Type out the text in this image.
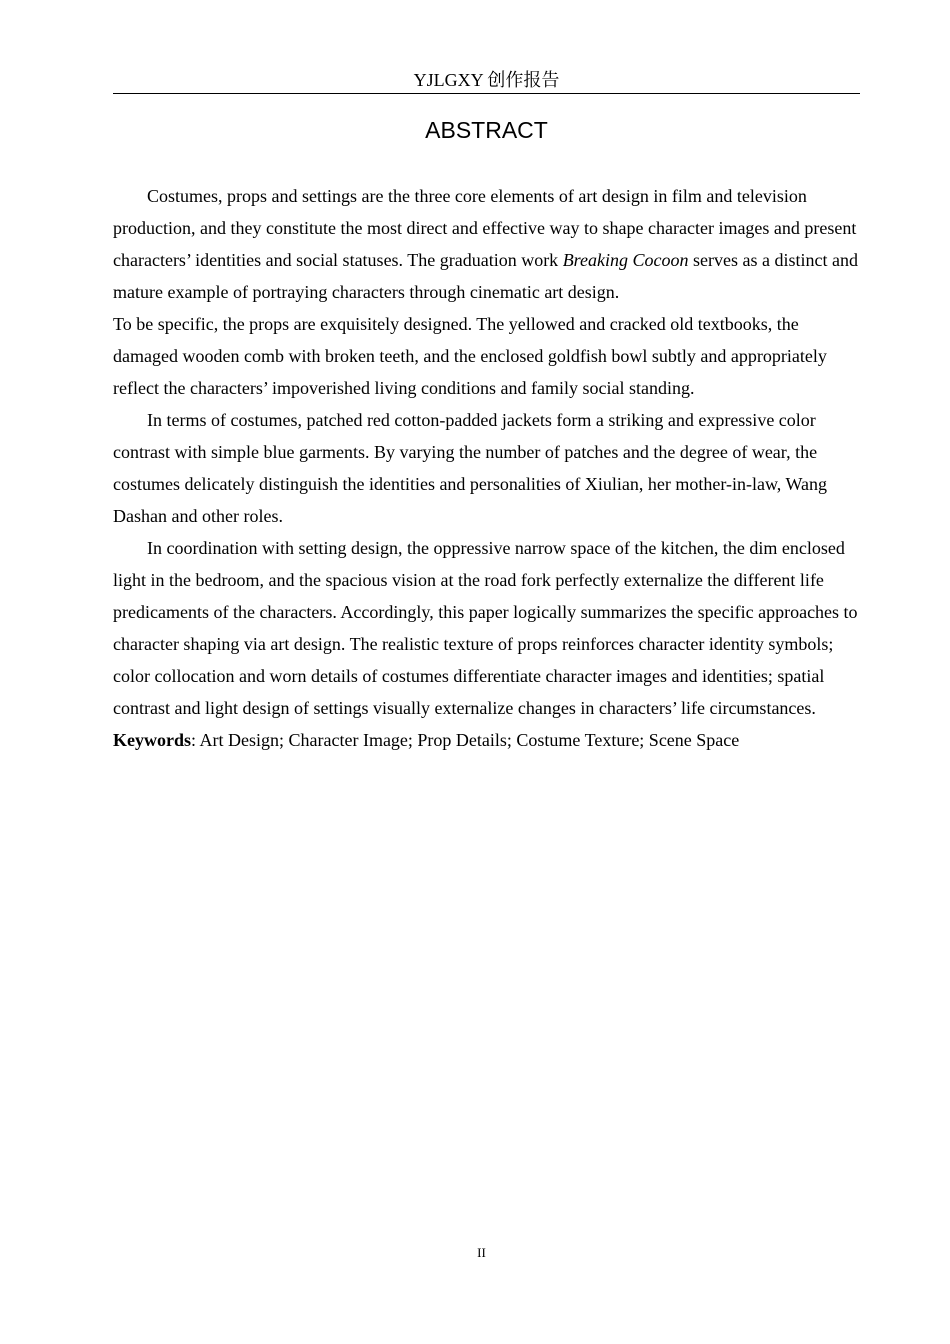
YJLGXY 创作报告
ABSTRACT

Costumes, props and settings are the three core elements of art design in film and television production, and they constitute the most direct and effective way to shape character images and present characters’ identities and social statuses. The graduation work Breaking Cocoon serves as a distinct and mature example of portraying characters through cinematic art design.

To be specific, the props are exquisitely designed. The yellowed and cracked old textbooks, the damaged wooden comb with broken teeth, and the enclosed goldfish bowl subtly and appropriately reflect the characters’ impoverished living conditions and family social standing.

In terms of costumes, patched red cotton-padded jackets form a striking and expressive color contrast with simple blue garments. By varying the number of patches and the degree of wear, the costumes delicately distinguish the identities and personalities of Xiulian, her mother-in-law, Wang Dashan and other roles.

In coordination with setting design, the oppressive narrow space of the kitchen, the dim enclosed light in the bedroom, and the spacious vision at the road fork perfectly externalize the different life predicaments of the characters. Accordingly, this paper logically summarizes the specific approaches to character shaping via art design. The realistic texture of props reinforces character identity symbols; color collocation and worn details of costumes differentiate character images and identities; spatial contrast and light design of settings visually externalize changes in characters’ life circumstances.

Keywords: Art Design; Character Image; Prop Details; Costume Texture; Scene Space

II
